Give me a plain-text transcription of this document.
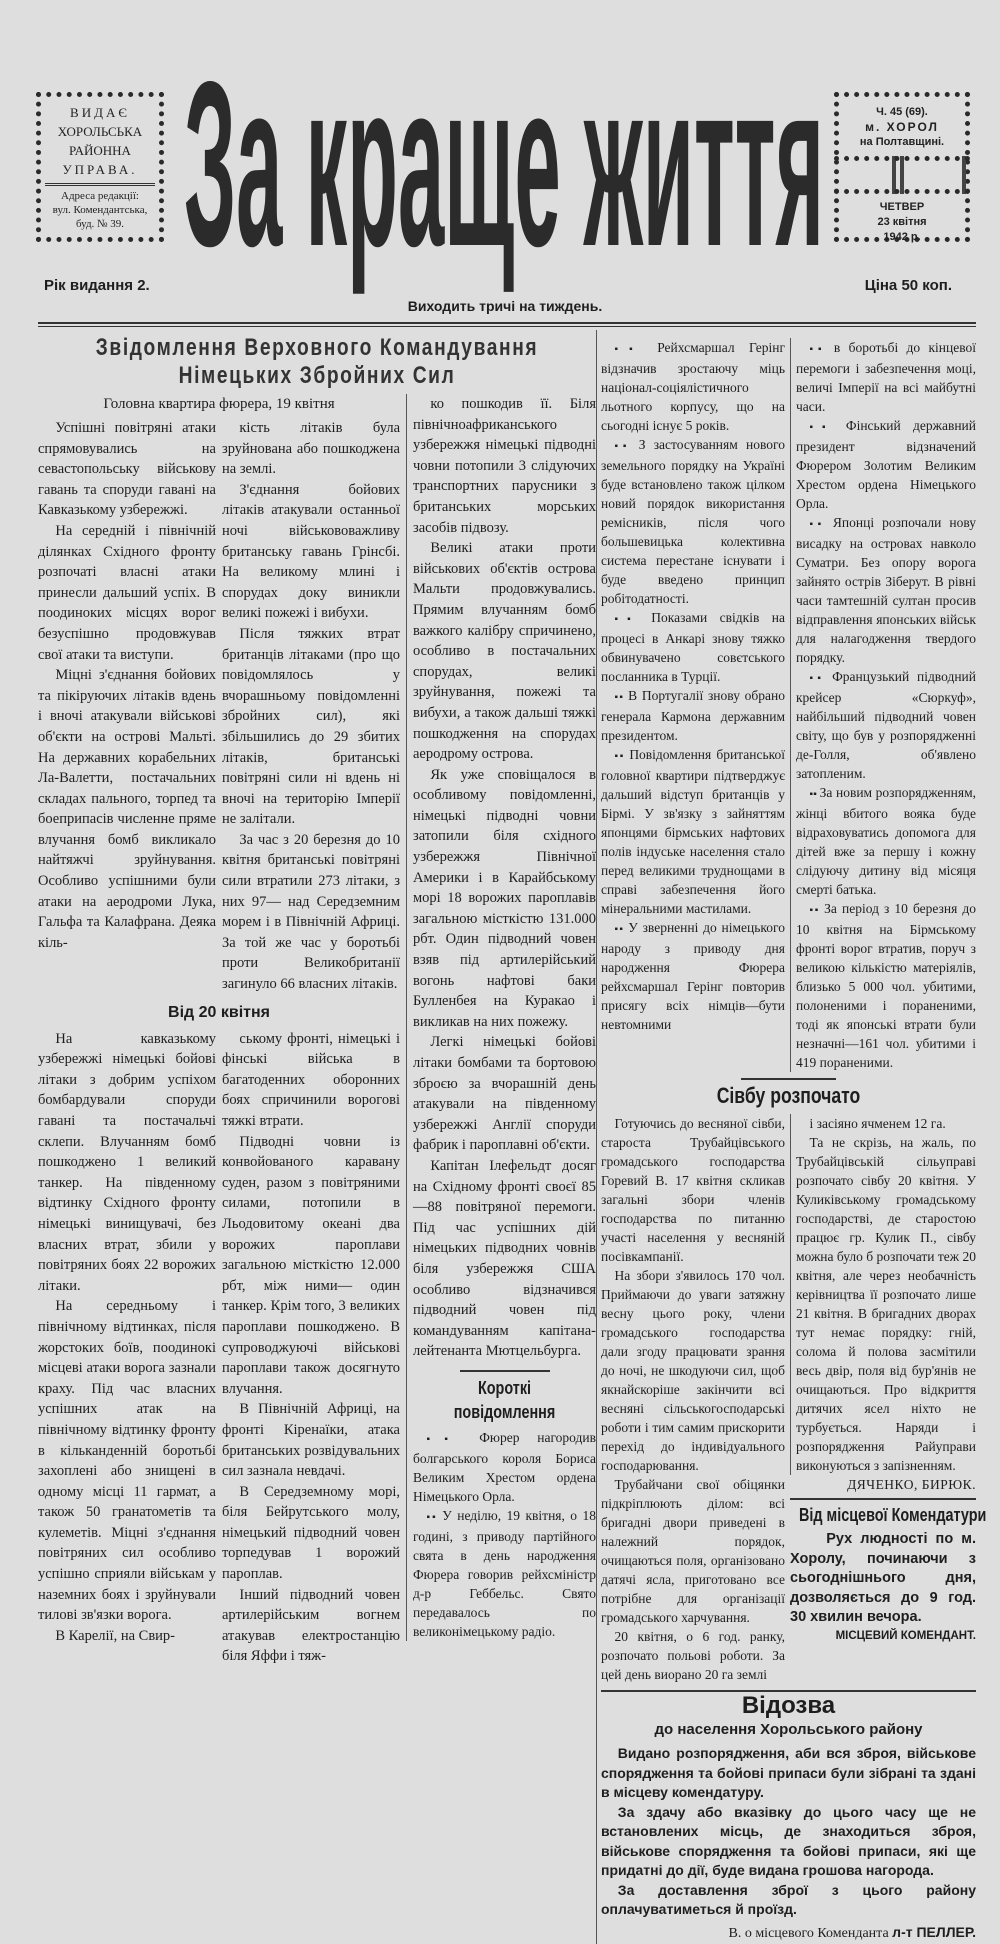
ВИДАЄ
ХОРОЛЬСЬКА
РАЙОННА
УПРАВА.
Адреса редакції:
вул. Комендантська,
буд. № 39. За краще життя	Ч. 45 (69).
м. ХОРОЛ
на Полтавщині.
ЧЕТВЕР
23 квітня
1942 р.
Рік видання 2.
Виходить тричі на тиждень.
Ціна 50 коп.
Звідомлення Верховного Командування
Німецьких Збройних Сил
Головна квартира фюрера, 19 квітня

Успішні повітряні атаки спрямовувались на севастопольську військову гавань та споруди гавані на Кавказькому узбережжі.

На середній і північній ділянках Східного фронту розпочаті власні атаки принесли дальший успіх. В поодиноких місцях ворог безуспішно продовжував свої атаки та виступи.

Міцні з'єднання бойових та пікіруючих літаків вдень і вночі атакували військові об'єкти на острові Мальті. На державних корабельних Ла-Валетти, постачальних складах пального, торпед та боеприпасів численне пряме влучання бомб викликало найтяжчі зруйнування. Особливо успішними були атаки на аеродроми Лука, Гальфа та Калафрана. Деяка кіль-

кість літаків була зруйнована або пошкоджена на землі.

З'єднання бойових літаків атакували останньої ночі військововажливу британську гавань Грінсбі. На великому млині і спорудах доку виникли великі пожежі і вибухи.

Після тяжких втрат британців літаками (про що повідомлялось у вчорашньому повідомленні збройних сил), які збільшились до 29 збитих літаків, британські повітряні сили ні вдень ні вночі на територію Імперії не залітали.

За час з 20 березня до 10 квітня британські повітряні сили втратили 273 літаки, з них 97— над Середземним морем і в Північній Африці. За той же час у боротьбі проти Великобританії загинуло 66 власних літаків.

Від 20 квітня

На кавказькому узбережжі німецькі бойові літаки з добрим успіхом бомбардували споруди гавані та постачальчі склепи. Влучанням бомб пошкоджено 1 великий танкер. На південному відтинку Східного фронту німецькі винищувачі, без власних втрат, збили у повітряних боях 22 ворожих літаки.

На середньому і північному відтинках, після жорстоких боїв, поодинокі місцеві атаки ворога зазнали краху. Під час власних успішних атак на північному відтинку фронту в кільканденній боротьбі захоплені або знищені в одному місці 11 гармат, а також 50 гранатометів та кулеметів. Міцні з'єднання повітряних сил особливо успішно сприяли військам у наземних боях і зруйнували тилові зв'язки ворога.

В Карелії, на Свир-

ському фронті, німецькі і фінські війська в багатоденних оборонних боях спричинили ворогові тяжкі втрати.

Підводні човни із конвойованого каравану суден, разом з повітряними силами, потопили в Льодовитому океані два ворожих пароплави загальною місткістю 12.000 рбт, між ними— один танкер. Крім того, 3 великих пароплави пошкоджено. В супроводжуючі військові пароплави також досягнуто влучання.

В Північній Африці, на фронті Кіренаїки, атака британських розвідувальних сил зазнала невдачі.

В Середземному морі, біля Бейрутського молу, німецький підводний човен торпедував 1 ворожий пароплав.

Інший підводний човен артилерійським вогнем атакував електростанцію біля Яффи і тяж-

ко пошкодив її. Біля північноафриканського узбережжя німецькі підводні човни потопили 3 слідуючих транспортних парусники з британських морських засобів підвозу.

Великі атаки проти військових об'єктів острова Мальти продовжувались. Прямим влучанням бомб важкого калібру спричинено, особливо в постачальних спорудах, великі зруйнування, пожежі та вибухи, а також дальші тяжкі пошкодження на спорудах аеродрому острова.

Як уже сповіщалося в особливому повідомленні, німецькі підводні човни затопили біля східного узбережжя Північної Америки і в Карайбському морі 18 ворожих пароплавів загальною місткістю 131.000 рбт. Один підводний човен взяв під артилерійський вогонь нафтові баки Булленбея на Куракао і викликав на них пожежу.

Легкі німецькі бойові літаки бомбами та бортовою зброєю за вчорашній день атакували на південному узбережжі Англії споруди фабрик і пароплавні об'єкти.

Капітан Ілефельдт досяг на Східному фронті своєї 85—88 повітряної перемоги. Під час успішних дій німецьких підводних човнів біля узбережжя США особливо відзначився підводний човен під командуванням капітана-лейтенанта Мютцельбурга.

Короткі повідомлення

▪▪ Фюрер нагородив болгарського короля Бориса Великим Хрестом ордена Німецького Орла.

▪▪ У неділю, 19 квітня, о 18 годині, з приводу партійного свята в день народження Фюрера говорив рейхсміністр д-р Геббельс. Свято передавалось по великонімецькому радіо.

▪▪ Рейхсмаршал Герінг відзначив зростаючу міць націонал-соціялістичного льотного корпусу, що на сьогодні існує 5 років.

▪▪ З застосуванням нового земельного порядку на Україні буде встановлено також цілком новий порядок використання ремісників, після чого большевицька колективна система перестане існувати і буде введено принцип робітодатності.

▪▪ Показами свідків на процесі в Анкарі знову тяжко обвинувачено совєтського посланника в Турції.

▪▪ В Португалії знову обрано генерала Кармона державним президентом.

▪▪ Повідомлення британської головної квартири підтверджує дальший відступ британців у Бірмі. У зв'язку з зайняттям японцями бірмських нафтових полів індуське населення стало перед великими труднощами в справі забезпечення його мінеральними мастилами.

▪▪ У зверненні до німецького народу з приводу дня народження Фюрера рейхсмаршал Герінг повторив присягу всіх німців—бути невтомними

▪▪ в боротьбі до кінцевої перемоги і забезпечення моці, величі Імперії на всі майбутні часи.

▪▪ Фінський державний президент відзначений Фюрером Золотим Великим Хрестом ордена Німецького Орла.

▪▪ Японці розпочали нову висадку на островах навколо Суматри. Без опору ворога зайнято острів Зіберут. В рівні часи тамтешній султан просив відправлення японських військ для налагодження твердого порядку.

▪▪ Французький підводний крейсер «Сюркуф», найбільший підводний човен світу, що був у розпорядженні де-Голля, об'явлено затопленим.

▪▪ За новим розпорядженням, жінці вбитого вояка буде відраховуватись допомога для дітей вже за першу і кожну слідуючу дитину від місяця смерті батька.

▪▪ За період з 10 березня до 10 квітня на Бірмському фронті ворог втратив, поруч з великою кількістю матеріялів, близько 5 000 чол. убитими, полоненими і пораненими, тоді як японські втрати були незначні—161 чол. убитими і 419 пораненими.

Сівбу розпочато

Готуючись до весняної сівби, староста Трубайцівського громадського господарства Горевий В. 17 квітня скликав загальні збори членів господарства по питанню участі населення у весняній посівкампанії.

На збори з'явилось 170 чол. Приймаючи до уваги затяжну весну цього року, члени громадського господарства дали згоду працювати зрання до ночі, не шкодуючи сил, щоб якнайскоріше закінчити всі весняні сільськогосподарські роботи і тим самим прискорити перехід до індивідуального господарювання.

Трубайчани свої обіцянки підкріплюють ділом: всі бригадні двори приведені в належний порядок, очищаються поля, організовано датячі ясла, приготовано все потрібне для організації громадського харчування.

20 квітня, о 6 год. ранку, розпочато польові роботи. За цей день виорано 20 га землі

і засіяно ячменем 12 га.

Та не скрізь, на жаль, по Трубайцівській сільуправі розпочато сівбу 20 квітня. У Куликівському громадському господарстві, де старостою працює гр. Кулик П., сівбу можна було б розпочати теж 20 квітня, але через необачність керівництва її розпочато лише 21 квітня. В бригадних дворах тут немає порядку: гній, солома й полова засмітили весь двір, поля від бур'янів не очищаються. Про відкриття дитячих ясел ніхто не турбується. Наряди і розпорядження Райуправи виконуються з запізненням.

ДЯЧЕНКО, БИРЮК.
Від місцевої Комендатури
Рух людності по м. Хоролу, починаючи з сьогоднішнього дня, дозволяється до 9 год. 30 хвилин вечора.
МІСЦЕВИЙ КОМЕНДАНТ.
Відозва
до населення Хорольського району

Видано розпорядження, аби вся зброя, військове спорядження та бойові припаси були зібрані та здані в місцеву комендатуру.

За здачу або вказівку до цього часу ще не встановлених місць, де знаходиться зброя, військове спорядження та бойові припаси, які ще придатні до дії, буде видана грошова нагорода.

За доставлення зброї з цього району оплачуватиметься й проїзд.

В. о місцевого Коменданта л-т ПЕЛЛЕР.
